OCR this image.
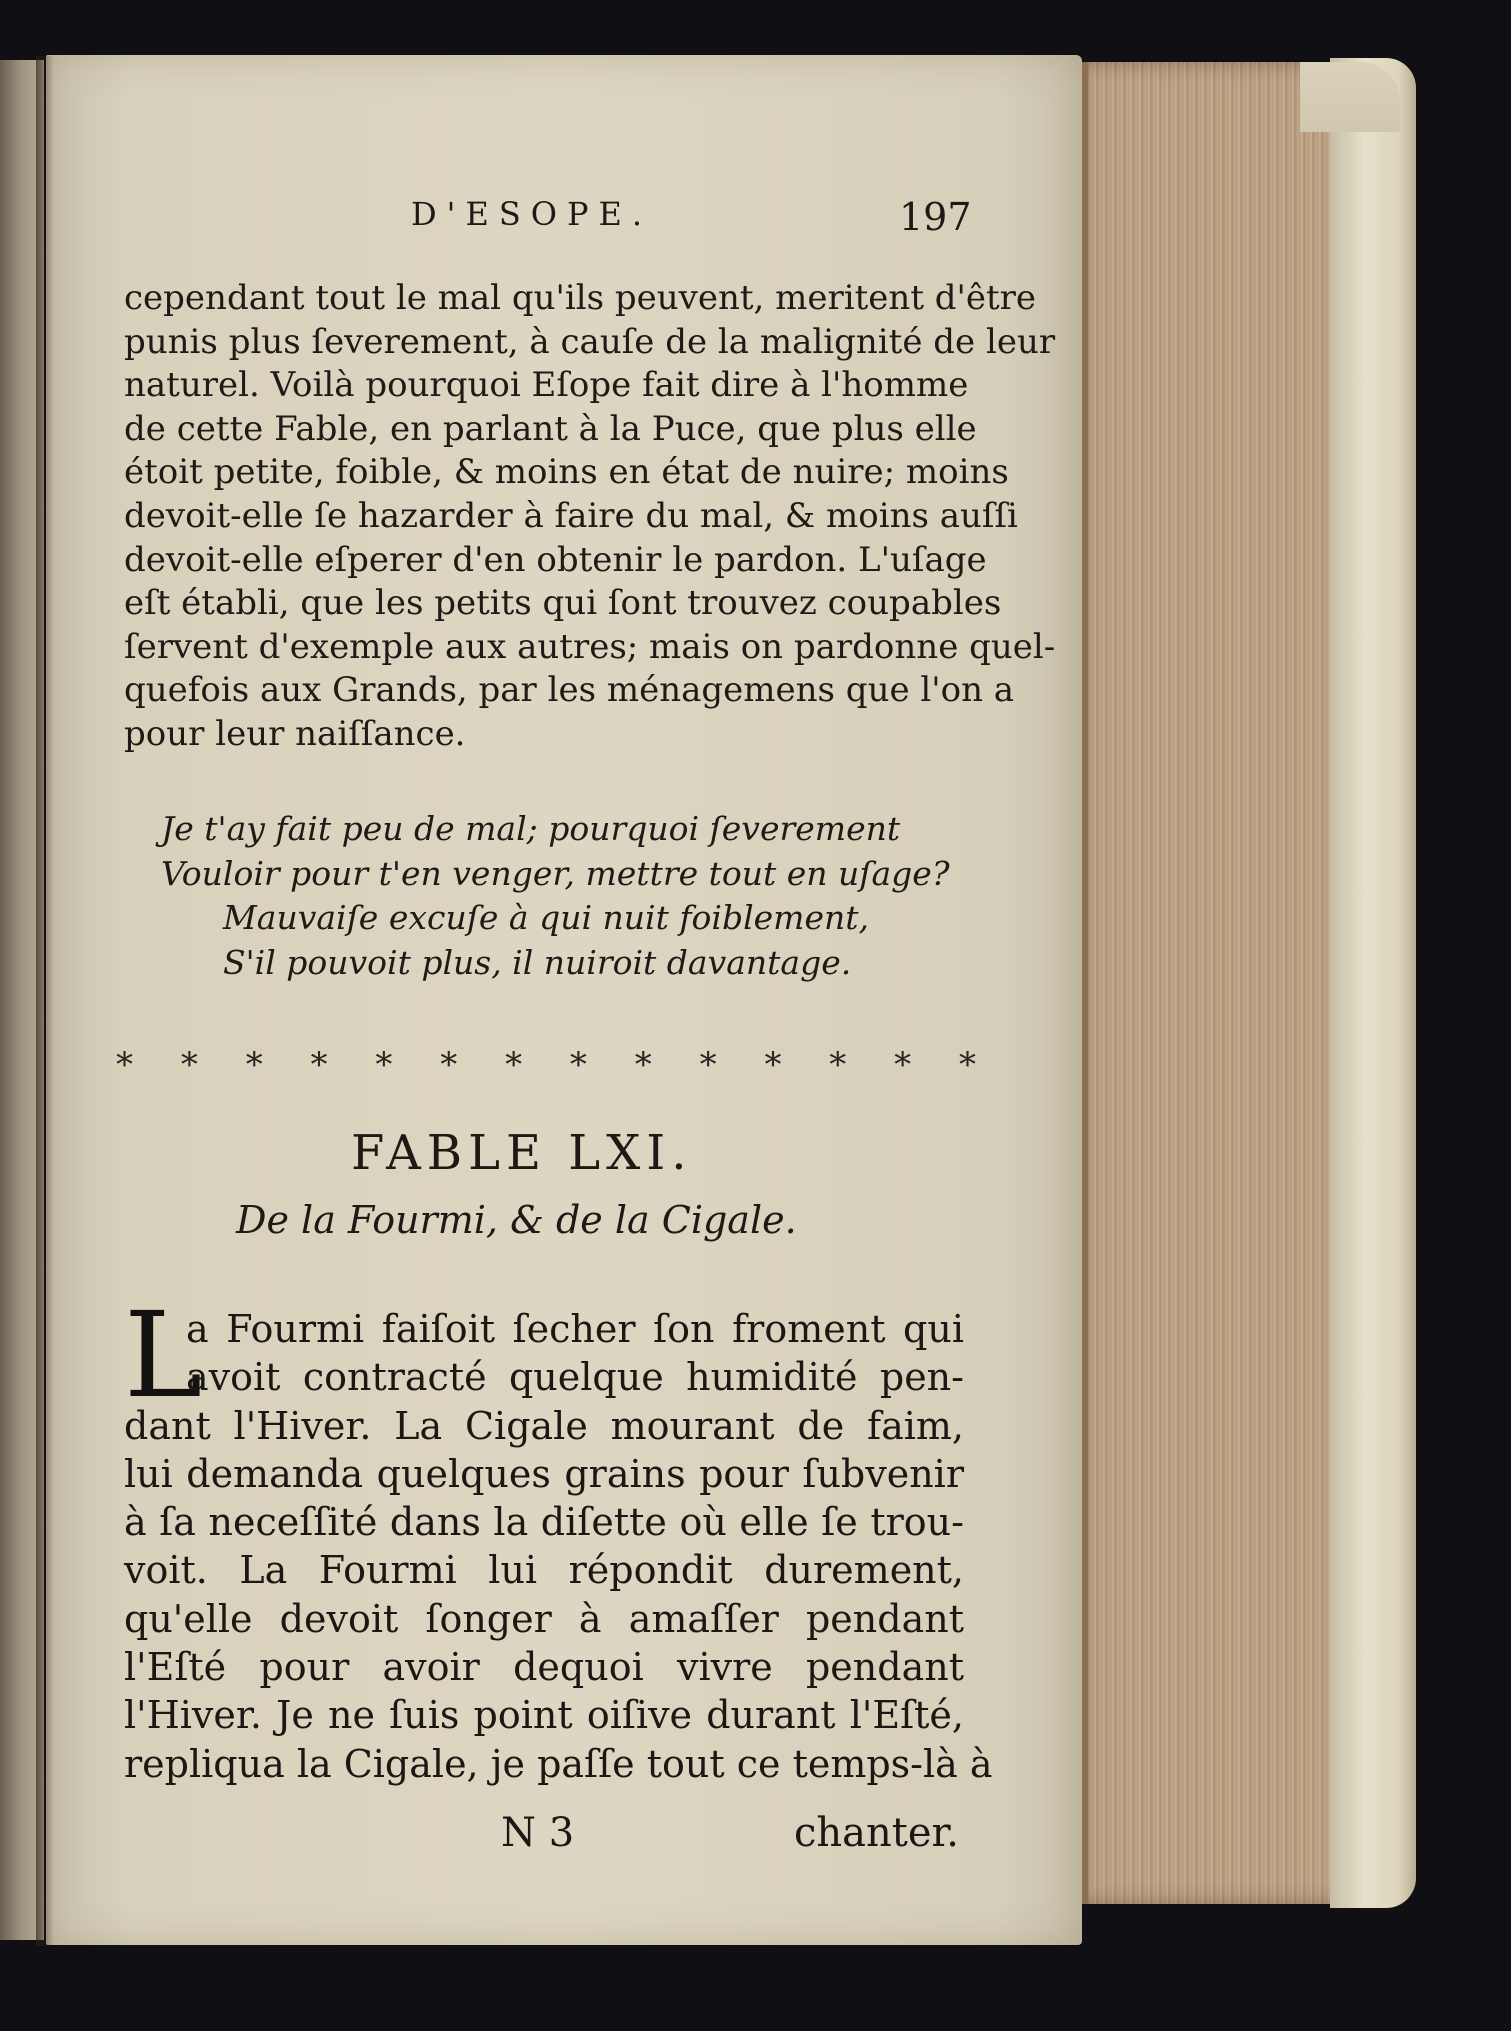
D'ESOPE.	197
cependant tout le mal qu'ils peuvent, meritent d'être
punis plus ſeverement, à cauſe de la malignité de leur
naturel. Voilà pourquoi Eſope fait dire à l'homme
de cette Fable, en parlant à la Puce, que plus elle
étoit petite, foible, & moins en état de nuire; moins
devoit-elle ſe hazarder à faire du mal, & moins auſſi
devoit-elle eſperer d'en obtenir le pardon. L'uſage
eſt établi, que les petits qui ſont trouvez coupables
ſervent d'exemple aux autres; mais on pardonne quel-
quefois aux Grands, par les ménagemens que l'on a
pour leur naiſſance.
Je t'ay fait peu de mal; pourquoi ſeverement
Vouloir pour t'en venger, mettre tout en uſage?
Mauvaiſe excuſe à qui nuit foiblement,
S'il pouvoit plus, il nuiroit davantage.
* * * * * * * * * * * * * *
FABLE LXI.
De la Fourmi, & de la Cigale.
L
a Fourmi faiſoit ſecher ſon froment qui
avoit contracté quelque humidité pen-
dant l'Hiver. La Cigale mourant de faim,
lui demanda quelques grains pour ſubvenir
à ſa neceſſité dans la diſette où elle ſe trou-
voit. La Fourmi lui répondit durement,
qu'elle devoit ſonger à amaſſer pendant
l'Eſté pour avoir dequoi vivre pendant
l'Hiver. Je ne ſuis point oiſive durant l'Eſté,
repliqua la Cigale, je paſſe tout ce temps-là à
N 3	chanter.
